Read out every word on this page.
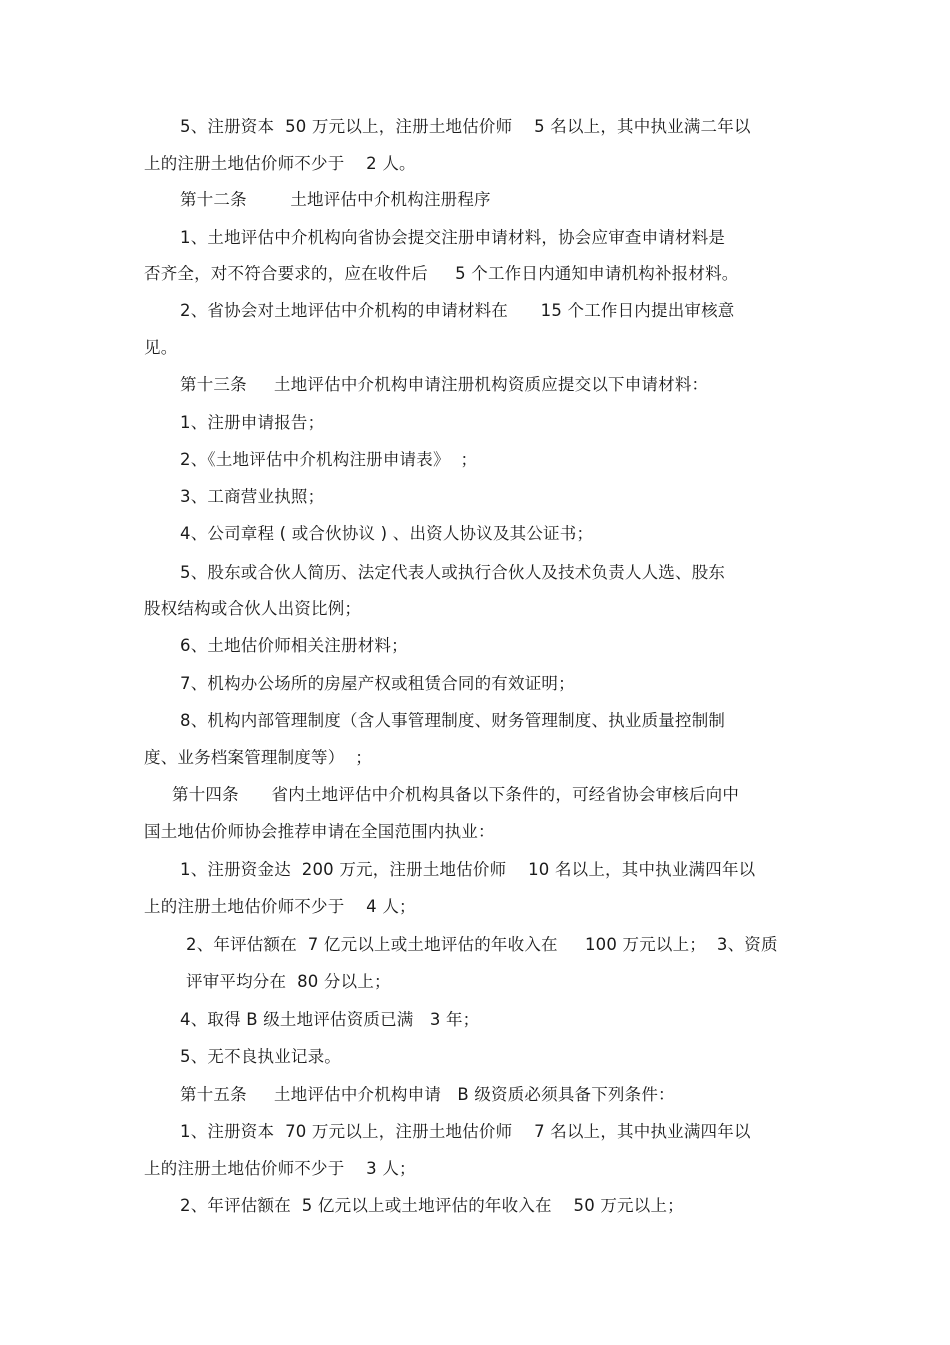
5、注册资本  50 万元以上，注册土地估价师    5 名以上，其中执业满二年以
上的注册土地估价师不少于    2 人。
第十二条        土地评估中介机构注册程序
1、土地评估中介机构向省协会提交注册申请材料，协会应审查申请材料是
否齐全，对不符合要求的，应在收件后     5 个工作日内通知申请机构补报材料。
2、省协会对土地评估中介机构的申请材料在      15 个工作日内提出审核意
见。
第十三条     土地评估中介机构申请注册机构资质应提交以下申请材料：
1、注册申请报告；
2、《土地评估中介机构注册申请表》  ；
3、工商营业执照；
4、公司章程 ( 或合伙协议 ) 、出资人协议及其公证书；
5、股东或合伙人简历、法定代表人或执行合伙人及技术负责人人选、股东
股权结构或合伙人出资比例；
6、土地估价师相关注册材料；
7、机构办公场所的房屋产权或租赁合同的有效证明；
8、机构内部管理制度（含人事管理制度、财务管理制度、执业质量控制制
度、业务档案管理制度等）  ；
第十四条      省内土地评估中介机构具备以下条件的，可经省协会审核后向中
国土地估价师协会推荐申请在全国范围内执业：
1、注册资金达  200 万元，注册土地估价师    10 名以上，其中执业满四年以
上的注册土地估价师不少于    4 人；
2、年评估额在  7 亿元以上或土地评估的年收入在     100 万元以上；  3、资质
评审平均分在  80 分以上；
4、取得 B 级土地评估资质已满   3 年；
5、无不良执业记录。
第十五条     土地评估中介机构申请   B 级资质必须具备下列条件：
1、注册资本  70 万元以上，注册土地估价师    7 名以上，其中执业满四年以
上的注册土地估价师不少于    3 人；
2、年评估额在  5 亿元以上或土地评估的年收入在    50 万元以上；
